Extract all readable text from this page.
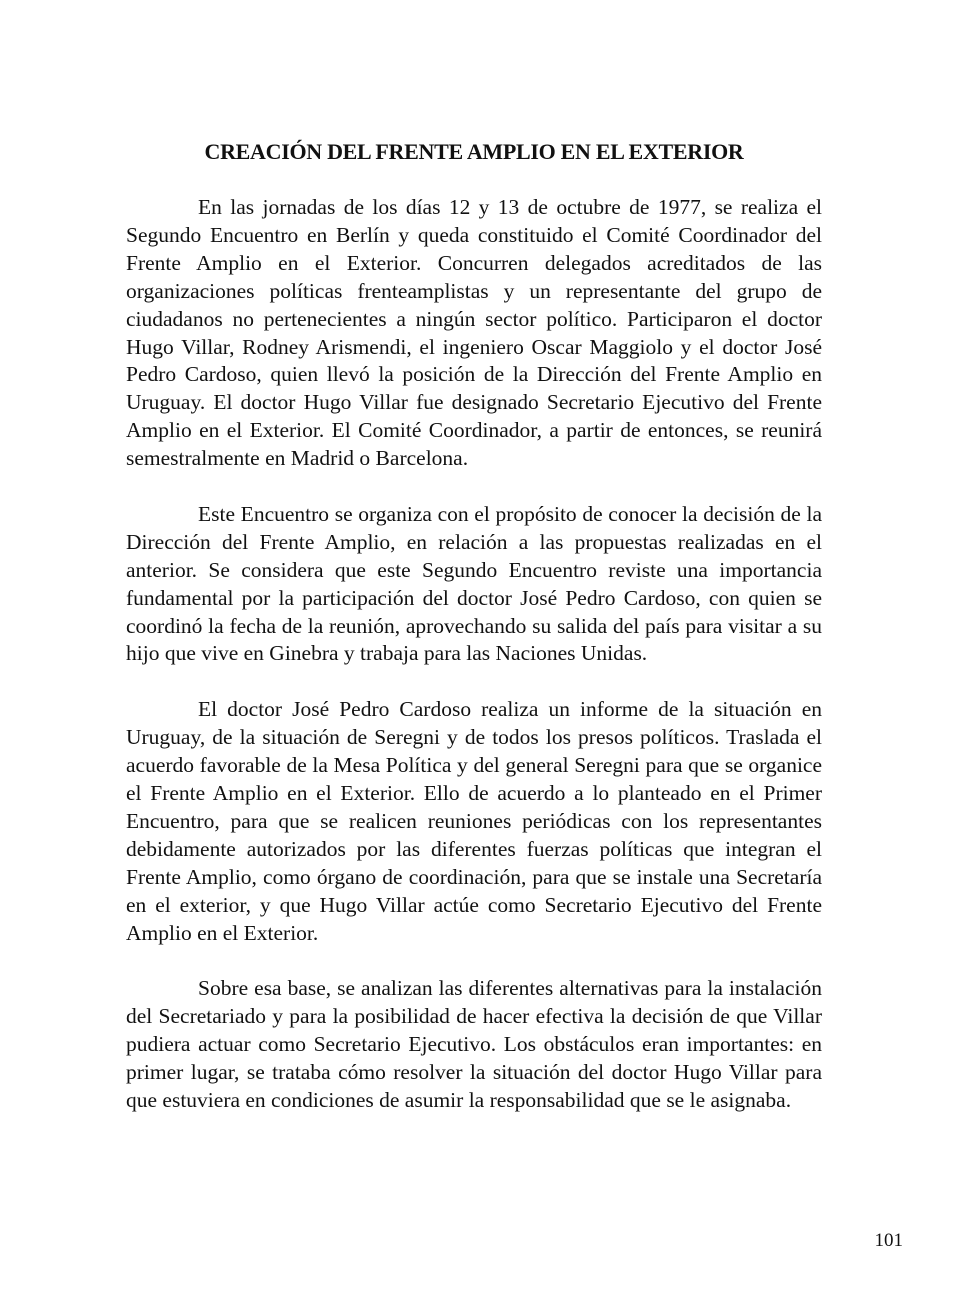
CREACIÓN DEL FRENTE AMPLIO EN EL EXTERIOR

En las jornadas de los días 12 y 13 de octubre de 1977, se realiza el Segundo Encuentro en Berlín y queda constituido el Comité Coordinador del Frente Amplio en el Exterior. Concurren delegados acreditados de las organizaciones políticas frenteamplistas y un representante del grupo de ciudadanos no pertenecientes a ningún sector político. Participaron el doctor Hugo Villar, Rodney Arismendi, el ingeniero Oscar Maggiolo y el doctor José Pedro Cardoso, quien llevó la posición de la Dirección del Frente Amplio en Uruguay. El doctor Hugo Villar fue designado Secretario Ejecutivo del Frente Amplio en el Exterior. El Comité Coordinador, a partir de entonces, se reunirá semestralmente en Madrid o Barcelona.

Este Encuentro se organiza con el propósito de conocer la decisión de la Dirección del Frente Amplio, en relación a las propuestas realizadas en el anterior. Se considera que este Segundo Encuentro reviste una importancia fundamental por la participación del doctor José Pedro Cardoso, con quien se coordinó la fecha de la reunión, aprovechando su salida del país para visitar a su hijo que vive en Ginebra y trabaja para las Naciones Unidas.

El doctor José Pedro Cardoso realiza un informe de la situación en Uruguay, de la situación de Seregni y de todos los presos políticos. Traslada el acuerdo favorable de la Mesa Política y del general Seregni para que se organice el Frente Amplio en el Exterior. Ello de acuerdo a lo planteado en el Primer Encuentro, para que se realicen reuniones periódicas con los representantes debidamente autorizados por las diferentes fuerzas políticas que integran el Frente Amplio, como órgano de coordinación, para que se instale una Secretaría en el exterior, y que Hugo Villar actúe como Secretario Ejecutivo del Frente Amplio en el Exterior.

Sobre esa base, se analizan las diferentes alternativas para la instalación del Secretariado y para la posibilidad de hacer efectiva la decisión de que Villar pudiera actuar como Secretario Ejecutivo. Los obstáculos eran importantes: en primer lugar, se trataba cómo resolver la situación del doctor Hugo Villar para que estuviera en condiciones de asumir la responsabilidad que se le asignaba.

101
